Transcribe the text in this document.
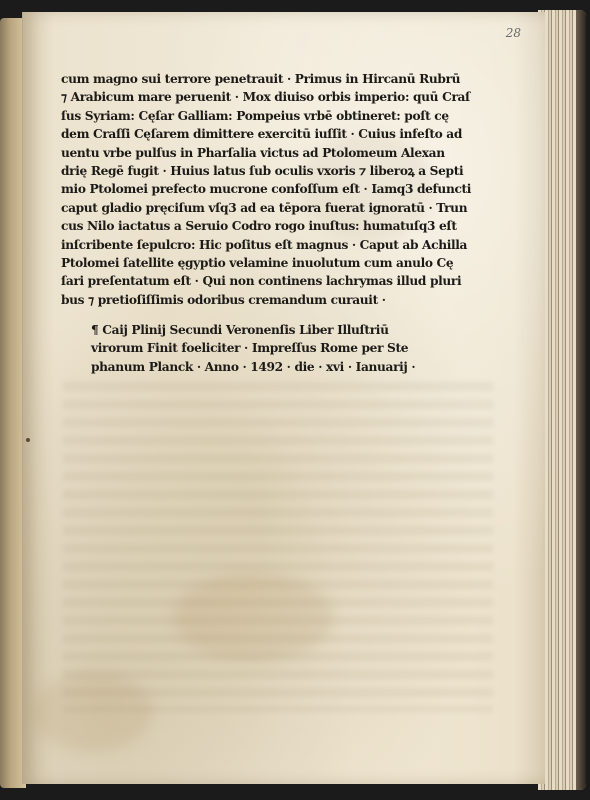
28
cum magno sui terrore penetrauit · Primus in Hircanū Rubrū
⁊ Arabicum mare peruenit · Mox diuiso orbis imperio: quū Craſ
ſus Syriam: Cęſar Galliam: Pompeius vrbē obtineret: poſt cę
dem Craſſi Cęſarem dimittere exercitū iuſſit · Cuius infeſto ad
uentu vrbe pulſus in Pharſalia victus ad Ptolomeum Alexan
drię Regē fugit · Huius latus ſub oculis vxoris ⁊ liberoꝝ a Septi
mio Ptolomei prefecto mucrone confoſſum eſt · Iamq3 defuncti
caput gladio pręciſum vſq3 ad ea tēpora fuerat ignoratū · Trun
cus Nilo iactatus a Seruio Codro rogo inuſtus: humatuſq3 eſt
inſcribente ſepulcro: Hic poſitus eſt magnus · Caput ab Achilla
Ptolomei ſatellite ęgyptio velamine inuolutum cum anulo Cę
ſari preſentatum eſt · Qui non continens lachrymas illud pluri
bus ⁊ pretioſiſſimis odoribus cremandum curauit ·
¶ Caij Plinij Secundi Veronenſis Liber Illuſtriū
virorum Finit foeliciter · Impreſſus Rome per Ste
phanum Planck · Anno · 1492 · die · xvi · Ianuarij ·
